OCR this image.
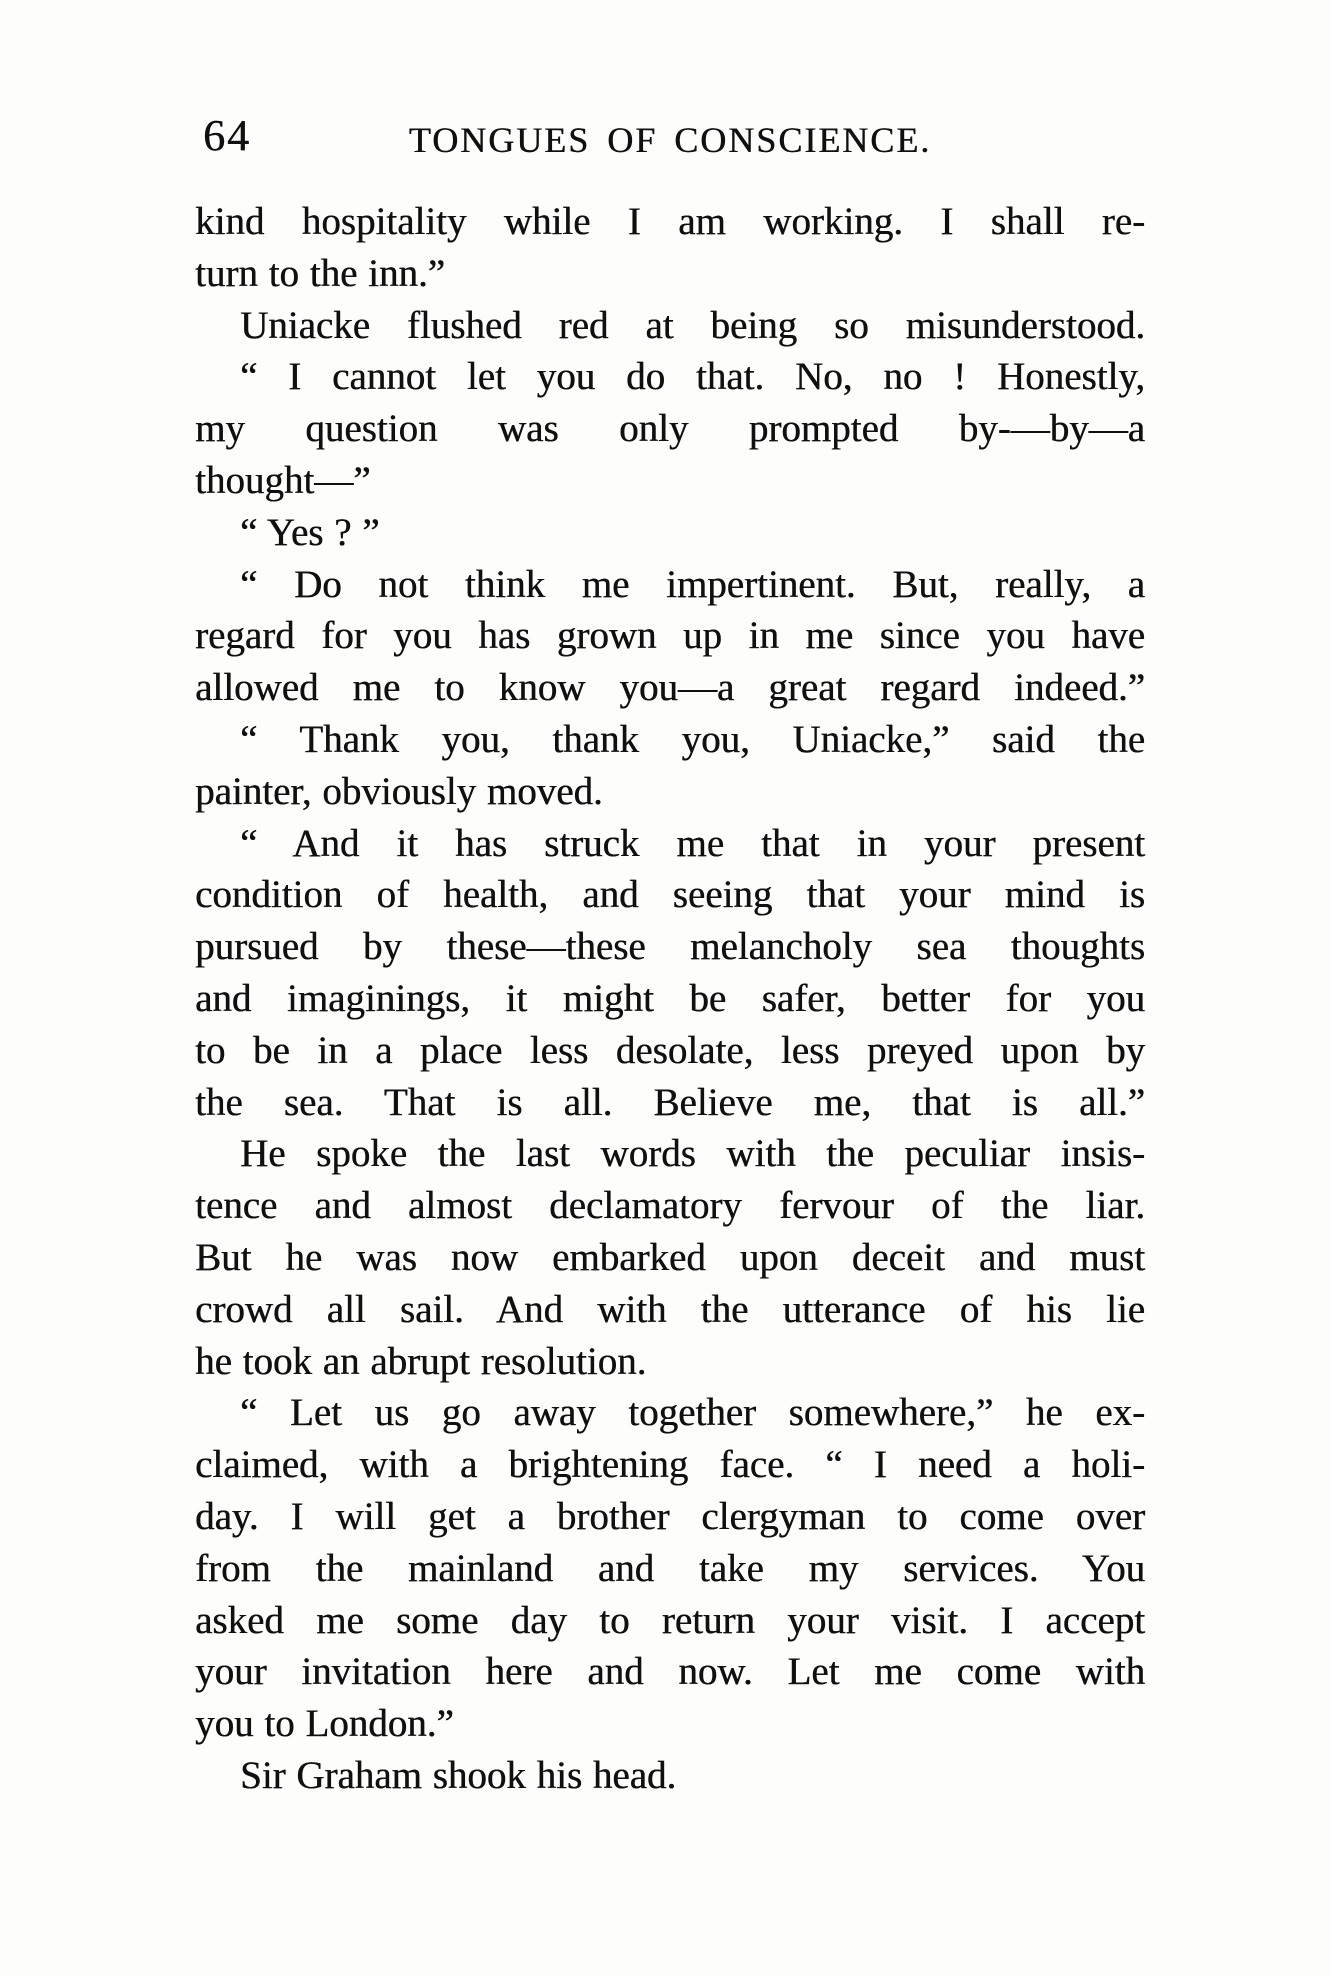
64	TONGUES OF CONSCIENCE.
kind hospitality while I am working. I shall re-
turn to the inn.”
Uniacke flushed red at being so misunderstood.
“ I cannot let you do that. No, no ! Honestly,
my question was only prompted by-—by—a
thought—”
“ Yes ? ”
“ Do not think me impertinent. But, really, a
regard for you has grown up in me since you have
allowed me to know you—a great regard indeed.”
“ Thank you, thank you, Uniacke,” said the
painter, obviously moved.
“ And it has struck me that in your present
condition of health, and seeing that your mind is
pursued by these—these melancholy sea thoughts
and imaginings, it might be safer, better for you
to be in a place less desolate, less preyed upon by
the sea. That is all. Believe me, that is all.”
He spoke the last words with the peculiar insis-
tence and almost declamatory fervour of the liar.
But he was now embarked upon deceit and must
crowd all sail. And with the utterance of his lie
he took an abrupt resolution.
“ Let us go away together somewhere,” he ex-
claimed, with a brightening face. “ I need a holi-
day. I will get a brother clergyman to come over
from the mainland and take my services. You
asked me some day to return your visit. I accept
your invitation here and now. Let me come with
you to London.”
Sir Graham shook his head.
